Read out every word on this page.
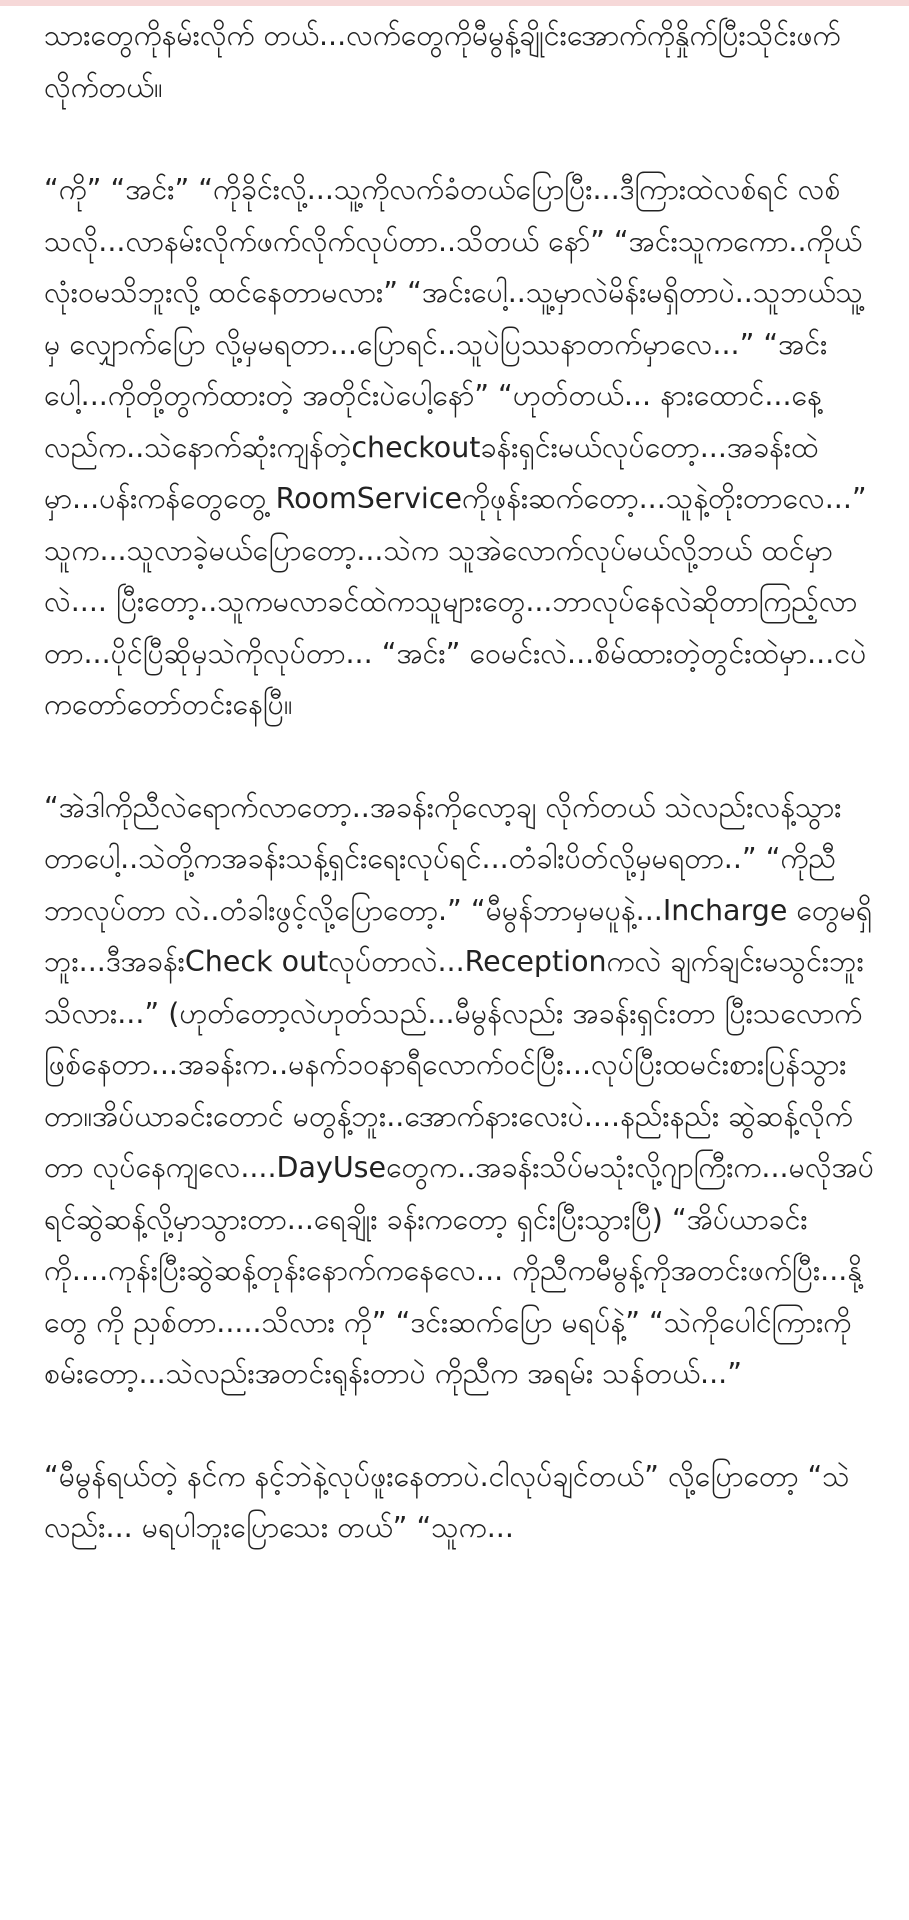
သားတွေကိုနမ်းလိုက် တယ်...လက်တွေကိုမီမွန့်ချိုင်းအောက်ကိုနှိုက်ပြီးသိုင်းဖက်လိုက်တယ်။

“ကို” “အင်း” “ကိုခိုင်းလို့...သူ့ကိုလက်ခံတယ်ပြောပြီး...ဒီကြားထဲလစ်ရင် လစ်သလို...လာနမ်းလိုက်ဖက်လိုက်လုပ်တာ..သိတယ် နော်” “အင်းသူကကော..ကိုယ်လုံးဝမသိဘူးလို့ ထင်နေတာမလား” “အင်းပေါ့..သူ့မှာလဲမိန်းမရှိတာပဲ..သူဘယ်သူ့မှ လျှောက်ပြော လို့မှမရတာ...ပြောရင်..သူပဲပြဿနာတက်မှာလေ...” “အင်းပေါ့...ကိုတို့တွက်ထားတဲ့ အတိုင်းပဲပေါ့နော်” “ဟုတ်တယ်... နားထောင်...နေ့လည်က..သဲနောက်ဆုံးကျန်တဲ့checkoutခန်းရှင်းမယ်လုပ်တော့...အခန်းထဲမှာ...ပန်းကန်တွေတွေ့ RoomServiceကိုဖုန်းဆက်တော့...သူနဲ့တိုးတာလေ...” သူက...သူလာခဲ့မယ်ပြောတော့...သဲက သူအဲလောက်လုပ်မယ်လို့ဘယ် ထင်မှာလဲ.... ပြီးတော့..သူကမလာခင်ထဲကသူများတွေ...ဘာလုပ်နေလဲဆိုတာကြည့်လာတာ...ပိုင်ပြီဆိုမှသဲကိုလုပ်တာ... “အင်း” ဝေမင်းလဲ...စိမ်ထားတဲ့တွင်းထဲမှာ...ငပဲကတော်တော်တင်းနေပြီ။

“အဲဒါကိုညီလဲရောက်လာတော့..အခန်းကိုလော့ချ လိုက်တယ် သဲလည်းလန့်သွားတာပေါ့..သဲတို့ကအခန်းသန့်ရှင်းရေးလုပ်ရင်...တံခါးပိတ်လို့မှမရတာ..” “ကိုညီဘာလုပ်တာ လဲ..တံခါးဖွင့်လို့ပြောတော့.” “မီမွန်ဘာမှမပူနဲ့...Incharge တွေမရှိဘူး...ဒီအခန်းCheck outလုပ်တာလဲ...Receptionကလဲ ချက်ချင်းမသွင်းဘူးသိလား...” (ဟုတ်တော့လဲဟုတ်သည်...မီမွန်လည်း အခန်းရှင်းတာ ပြီးသလောက်ဖြစ်နေတာ...အခန်းက..မနက်၁၀နာရီလောက်ဝင်ပြီး...လုပ်ပြီးထမင်းစားပြန်သွားတာ။အိပ်ယာခင်းတောင် မတွန့်ဘူး..အောက်နားလေးပဲ....နည်းနည်း ဆွဲဆန့်လိုက်တာ လုပ်နေကျလေ....DayUseတွေက..အခန်းသိပ်မသုံးလို့ဂျာကြီးက...မလိုအပ်ရင်ဆွဲဆန့်လို့မှာသွားတာ...ရေချိုး ခန်းကတော့ ရှင်းပြီးသွားပြီ) “အိပ်ယာခင်းကို....ကုန်းပြီးဆွဲဆန့်တုန်းနောက်ကနေလေ... ကိုညီကမီမွန့်ကိုအတင်းဖက်ပြီး...နို့တွေ ကို ညှစ်တာ.....သိလား ကို” “ဒင်းဆက်ပြော မရပ်နဲ့” “သဲကိုပေါင်ကြားကိုစမ်းတော့...သဲလည်းအတင်းရုန်းတာပဲ ကိုညီက အရမ်း သန်တယ်...”

“မီမွန်ရယ်တဲ့ နင်က နင့်ဘဲနဲ့လုပ်ဖူးနေတာပဲ.ငါလုပ်ချင်တယ်” လို့ပြောတော့ “သဲလည်း... မရပါဘူးပြောသေး တယ်” “သူက...
